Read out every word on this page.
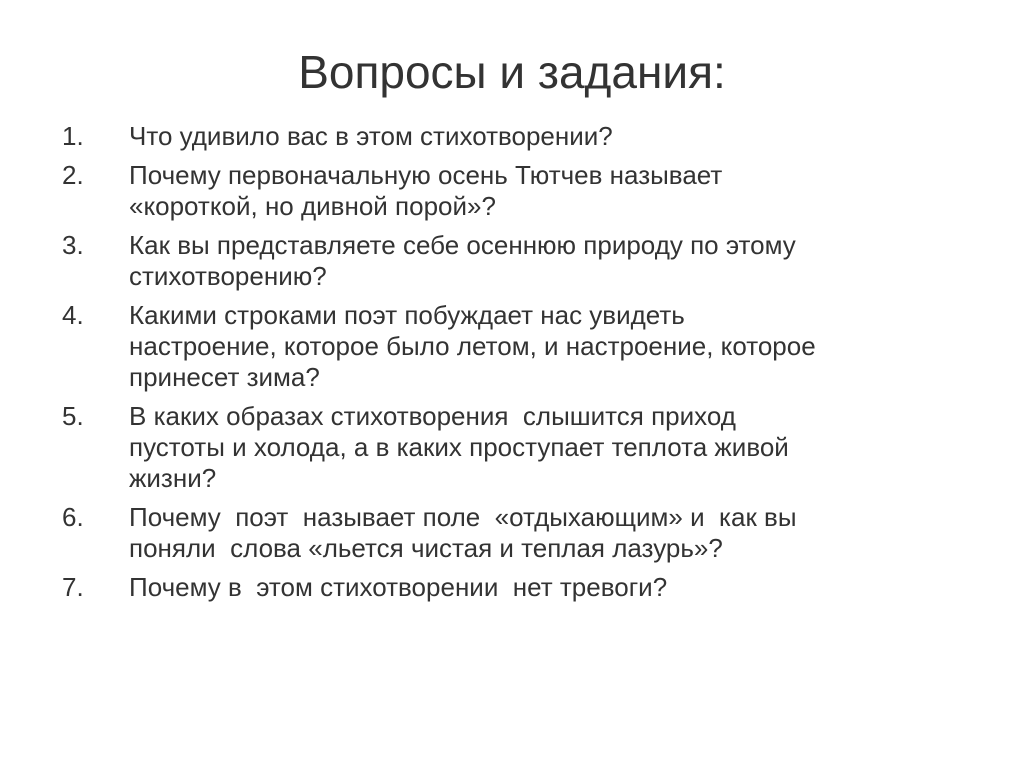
Вопросы и задания:
1.	Что удивило вас в этом стихотворении?
2.	Почему первоначальную осень Тютчев называет
«короткой, но дивной порой»?
3.	Как вы представляете себе осеннюю природу по этому
стихотворению?
4.	Какими строками поэт побуждает нас увидеть
настроение, которое было летом, и настроение, которое
принесет зима?
5.	В каких образах стихотворения  слышится приход
пустоты и холода, а в каких проступает теплота живой
жизни?
6.	Почему  поэт  называет поле  «отдыхающим» и  как вы
поняли  слова «льется чистая и теплая лазурь»?
7.	Почему в  этом стихотворении  нет тревоги?
